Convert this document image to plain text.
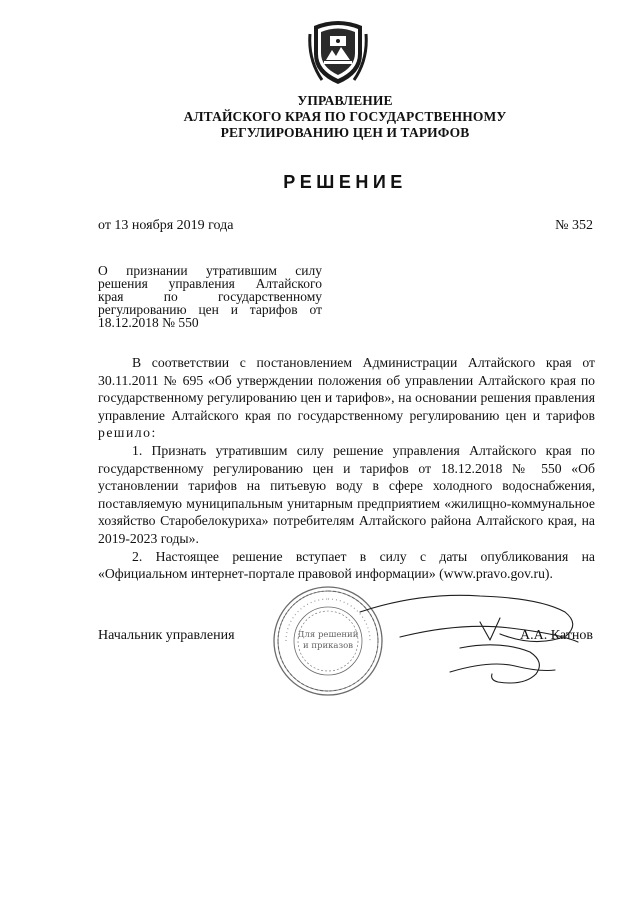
УПРАВЛЕНИЕ
АЛТАЙСКОГО КРАЯ ПО ГОСУДАРСТВЕННОМУ
РЕГУЛИРОВАНИЮ ЦЕН И ТАРИФОВ
РЕШЕНИЕ
от 13 ноября 2019 года	№ 352
О признании утратившим силу
решения управления Алтайского
края по государственному
регулированию цен и тарифов от
18.12.2018 № 550

В соответствии с постановлением Администрации Алтайского края от 30.11.2011 № 695 «Об утверждении положения об управлении Алтайского края по государственному регулированию цен и тарифов», на основании решения правления управление Алтайского края по государственному регулированию цен и тарифов решило:

1. Признать утратившим силу решение управления Алтайского края по государственному регулированию цен и тарифов от 18.12.2018 № 550 «Об установлении тарифов на питьевую воду в сфере холодного водоснабжения, поставляемую муниципальным унитарным предприятием «жилищно-коммунальное хозяйство Старобелокуриха» потребителям Алтайского района Алтайского края, на 2019-2023 годы».

2. Настоящее решение вступает в силу с даты опубликования на «Официальном интернет-портале правовой информации» (www.pravo.gov.ru).

Начальник управления	А.А. Катнов
Для решений
и приказов
